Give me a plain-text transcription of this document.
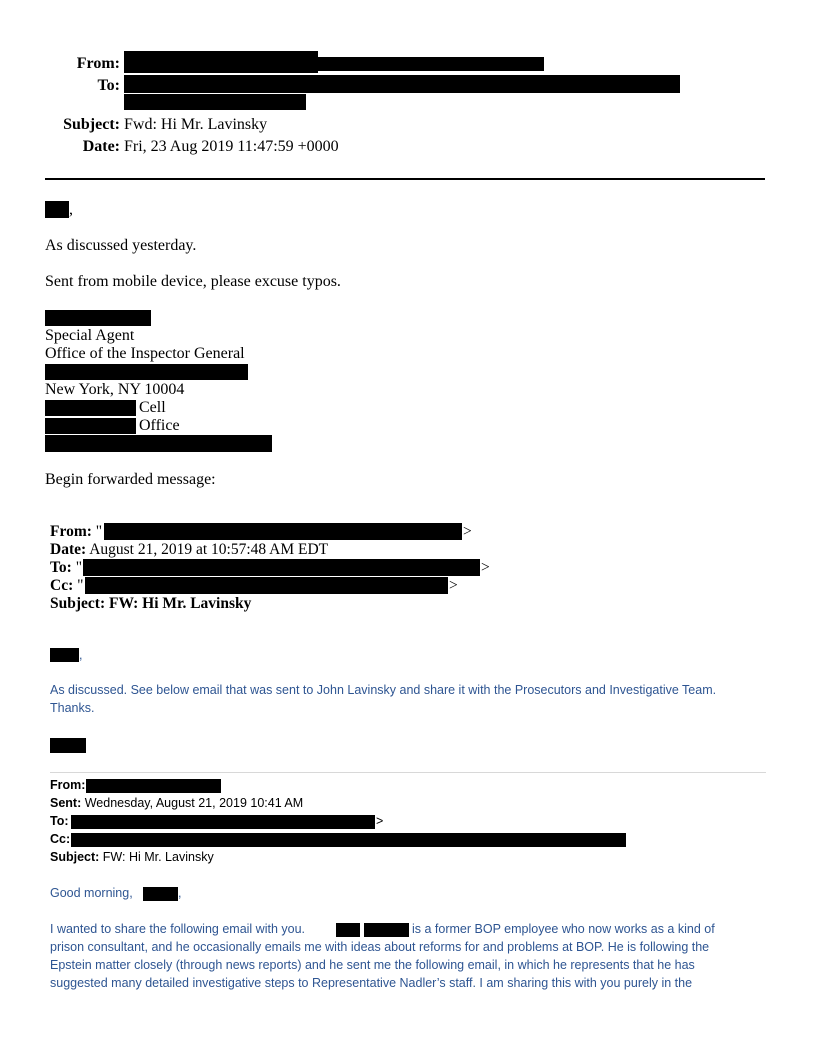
From:
To:
Subject: Fwd: Hi Mr. Lavinsky
Date: Fri, 23 Aug 2019 11:47:59 +0000
,
As discussed yesterday.
Sent from mobile device, please excuse typos.
Special Agent
Office of the Inspector General
New York, NY 10004
Cell
Office
Begin forwarded message:
From: "	>
Date: August 21, 2019 at 10:57:48 AM EDT
To: "	>
Cc: "	>
Subject: FW: Hi Mr. Lavinsky
,
As discussed. See below email that was sent to John Lavinsky and share it with the Prosecutors and Investigative Team.
Thanks.
From:
Sent: Wednesday, August 21, 2019 10:41 AM
To:	>
Cc:
Subject: FW: Hi Mr. Lavinsky
Good morning,	,
I wanted to share the following email with you.	is a former BOP employee who now works as a kind of
prison consultant, and he occasionally emails me with ideas about reforms for and problems at BOP. He is following the
Epstein matter closely (through news reports) and he sent me the following email, in which he represents that he has
suggested many detailed investigative steps to Representative Nadler’s staff. I am sharing this with you purely in the
